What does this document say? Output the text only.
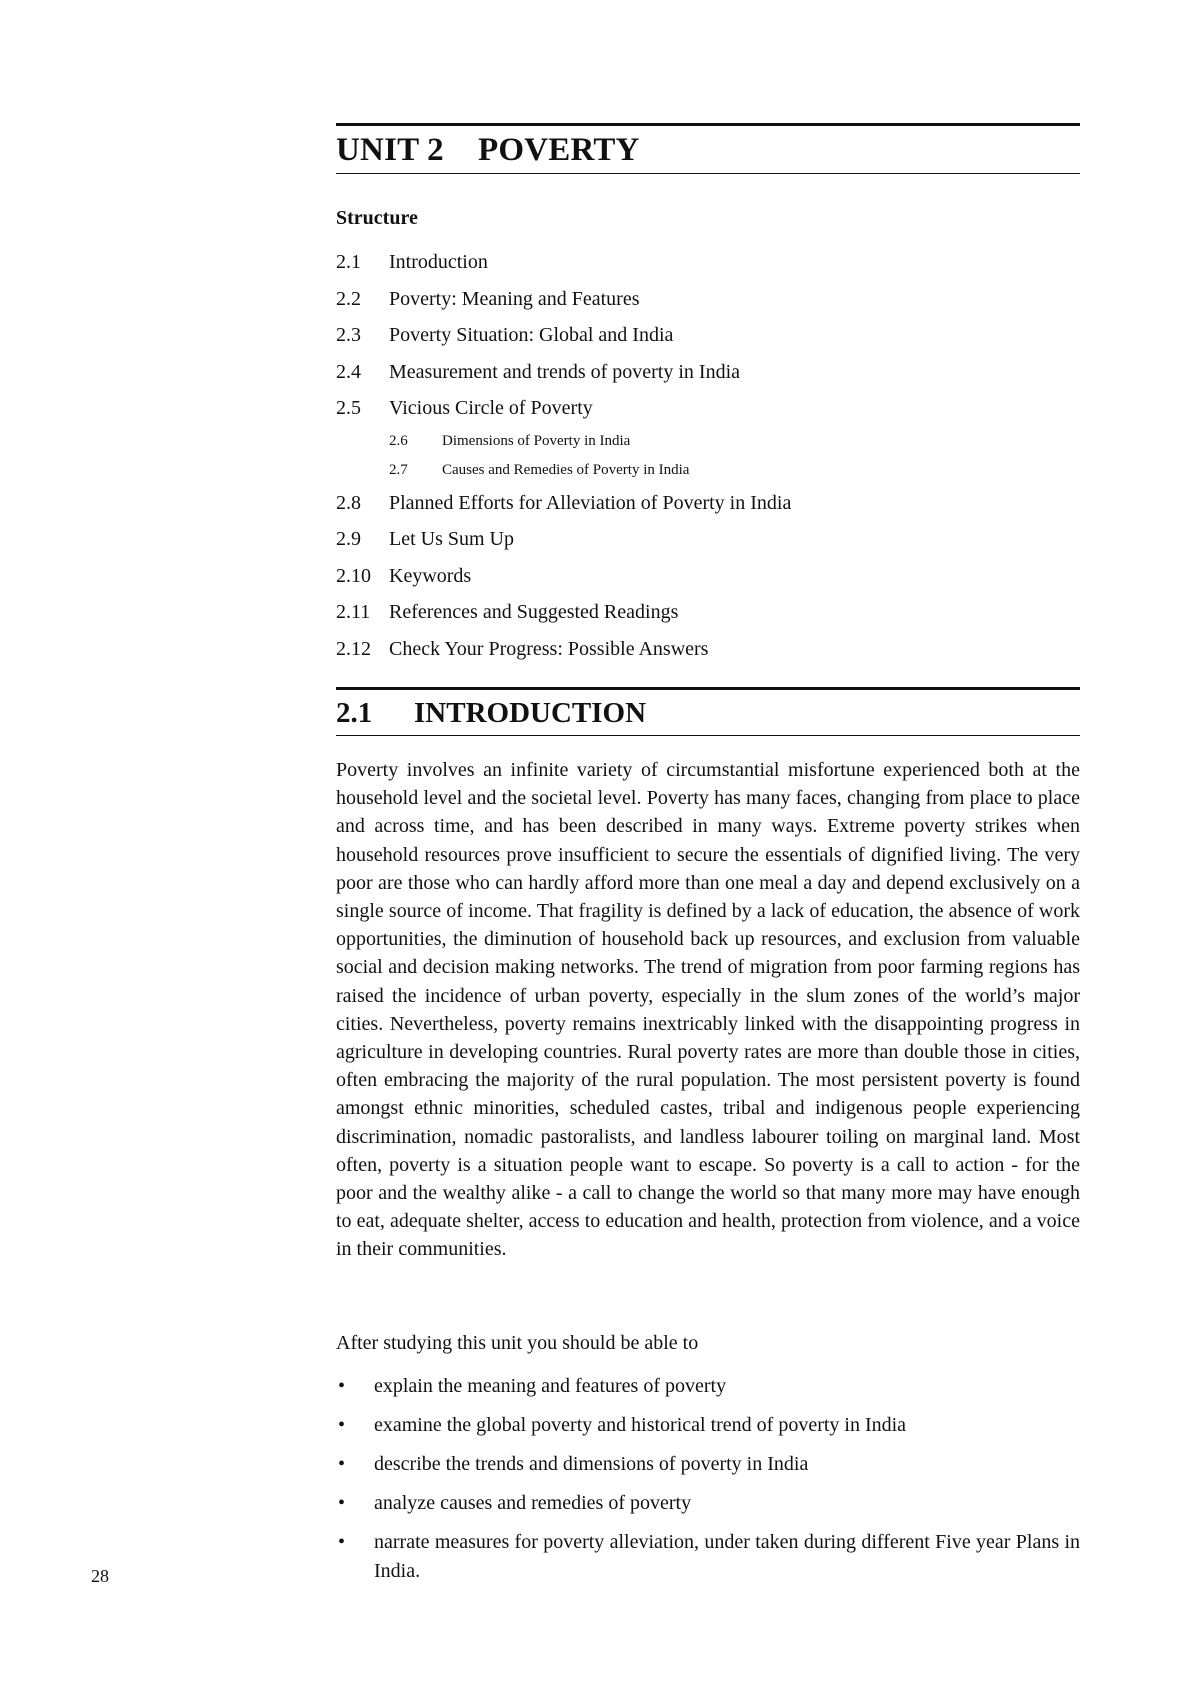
UNIT 2 POVERTY
Structure
2.1 Introduction
2.2 Poverty: Meaning and Features
2.3 Poverty Situation: Global and India
2.4 Measurement and trends of poverty in India
2.5 Vicious Circle of Poverty
2.6 Dimensions of Poverty in India
2.7 Causes and Remedies of Poverty in India
2.8 Planned Efforts for Alleviation of Poverty in India
2.9 Let Us Sum Up
2.10 Keywords
2.11 References and Suggested Readings
2.12 Check Your Progress: Possible Answers
2.1 INTRODUCTION

Poverty involves an infinite variety of circumstantial misfortune experienced both at the household level and the societal level. Poverty has many faces, changing from place to place and across time, and has been described in many ways. Extreme poverty strikes when household resources prove insufficient to secure the essentials of dignified living. The very poor are those who can hardly afford more than one meal a day and depend exclusively on a single source of income. That fragility is defined by a lack of education, the absence of work opportunities, the diminution of household back up resources, and exclusion from valuable social and decision making networks. The trend of migration from poor farming regions has raised the incidence of urban poverty, especially in the slum zones of the world’s major cities. Nevertheless, poverty remains inextricably linked with the disappointing progress in agriculture in developing countries. Rural poverty rates are more than double those in cities, often embracing the majority of the rural population. The most persistent poverty is found amongst ethnic minorities, scheduled castes, tribal and indigenous people experiencing discrimination, nomadic pastoralists, and landless labourer toiling on marginal land. Most often, poverty is a situation people want to escape. So poverty is a call to action - for the poor and the wealthy alike - a call to change the world so that many more may have enough to eat, adequate shelter, access to education and health, protection from violence, and a voice in their communities.

After studying this unit you should be able to

• explain the meaning and features of poverty
• examine the global poverty and historical trend of poverty in India
• describe the trends and dimensions of poverty in India
• analyze causes and remedies of poverty
• narrate measures for poverty alleviation, under taken during different Five year Plans in India.
28
